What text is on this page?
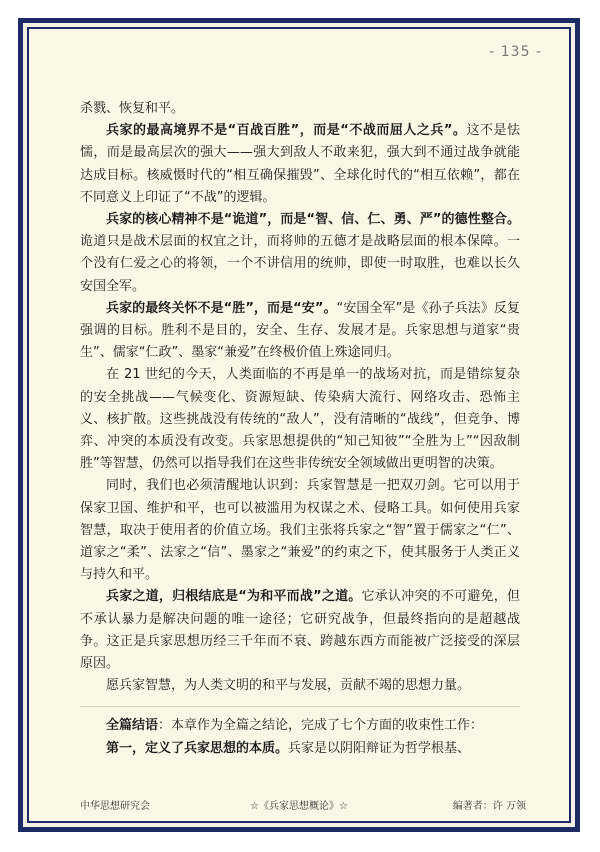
- 135 -

杀戮、恢复和平。

兵家的最高境界不是“百战百胜”，而是“不战而屈人之兵”。这不是怯懦，而是最高层次的强大——强大到敌人不敢来犯，强大到不通过战争就能达成目标。核威慑时代的“相互确保摧毁”、全球化时代的“相互依赖”，都在不同意义上印证了“不战”的逻辑。

兵家的核心精神不是“诡道”，而是“智、信、仁、勇、严”的德性整合。诡道只是战术层面的权宜之计，而将帅的五德才是战略层面的根本保障。一个没有仁爱之心的将领，一个不讲信用的统帅，即使一时取胜，也难以长久安国全军。

兵家的最终关怀不是“胜”，而是“安”。“安国全军”是《孙子兵法》反复强调的目标。胜利不是目的，安全、生存、发展才是。兵家思想与道家“贵生”、儒家“仁政”、墨家“兼爱”在终极价值上殊途同归。

在 21 世纪的今天，人类面临的不再是单一的战场对抗，而是错综复杂的安全挑战——气候变化、资源短缺、传染病大流行、网络攻击、恐怖主义、核扩散。这些挑战没有传统的“敌人”，没有清晰的“战线”，但竞争、博弈、冲突的本质没有改变。兵家思想提供的“知己知彼”“全胜为上”“因敌制胜”等智慧，仍然可以指导我们在这些非传统安全领域做出更明智的决策。

同时，我们也必须清醒地认识到：兵家智慧是一把双刃剑。它可以用于保家卫国、维护和平，也可以被滥用为权谋之术、侵略工具。如何使用兵家智慧，取决于使用者的价值立场。我们主张将兵家之“智”置于儒家之“仁”、道家之“柔”、法家之“信”、墨家之“兼爱”的约束之下，使其服务于人类正义与持久和平。

兵家之道，归根结底是“为和平而战”之道。它承认冲突的不可避免，但不承认暴力是解决问题的唯一途径；它研究战争，但最终指向的是超越战争。这正是兵家思想历经三千年而不衰、跨越东西方而能被广泛接受的深层原因。

愿兵家智慧，为人类文明的和平与发展，贡献不竭的思想力量。

全篇结语：本章作为全篇之结论，完成了七个方面的收束性工作：

第一，定义了兵家思想的本质。兵家是以阴阳辩证为哲学根基、

中华思想研究会	☆《兵家思想概论》☆	编著者：许 万领
